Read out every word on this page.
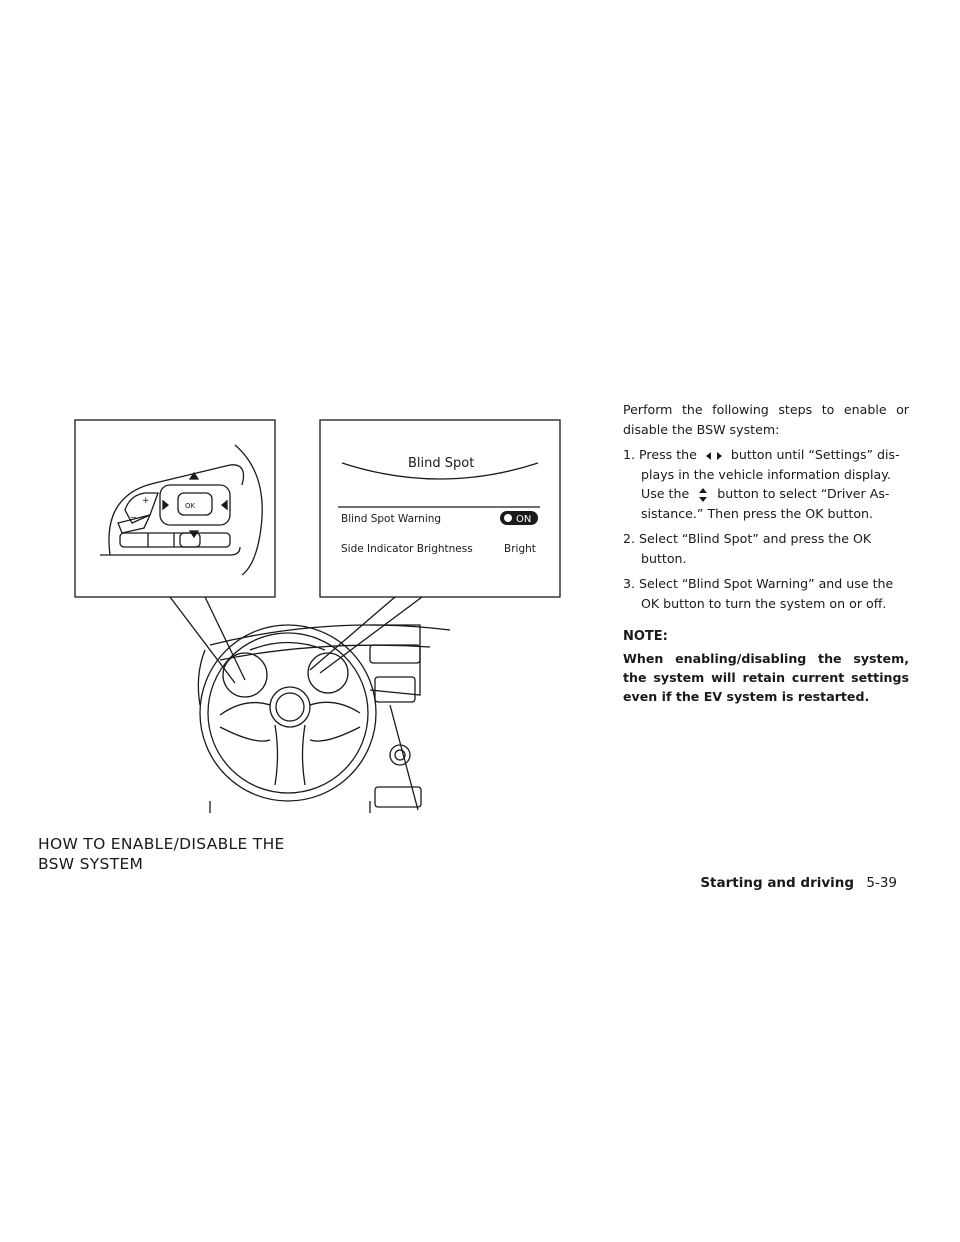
OK
−
+
Blind Spot
Blind Spot Warning	ON
Side Indicator Brightness	Bright
HOW TO ENABLE/DISABLE THE
BSW SYSTEM

Perform the following steps to enable or disable the BSW system:

1. Press the	button until “Settings” dis-
plays in the vehicle information display.
Use the button to select “Driver As-
sistance.” Then press the OK button.
2. Select “Blind Spot” and press the OK
button.
3. Select “Blind Spot Warning” and use the
OK button to turn the system on or off.
NOTE:
When enabling/disabling the system, the system will retain current settings even if the EV system is restarted.
Starting and driving 5-39
